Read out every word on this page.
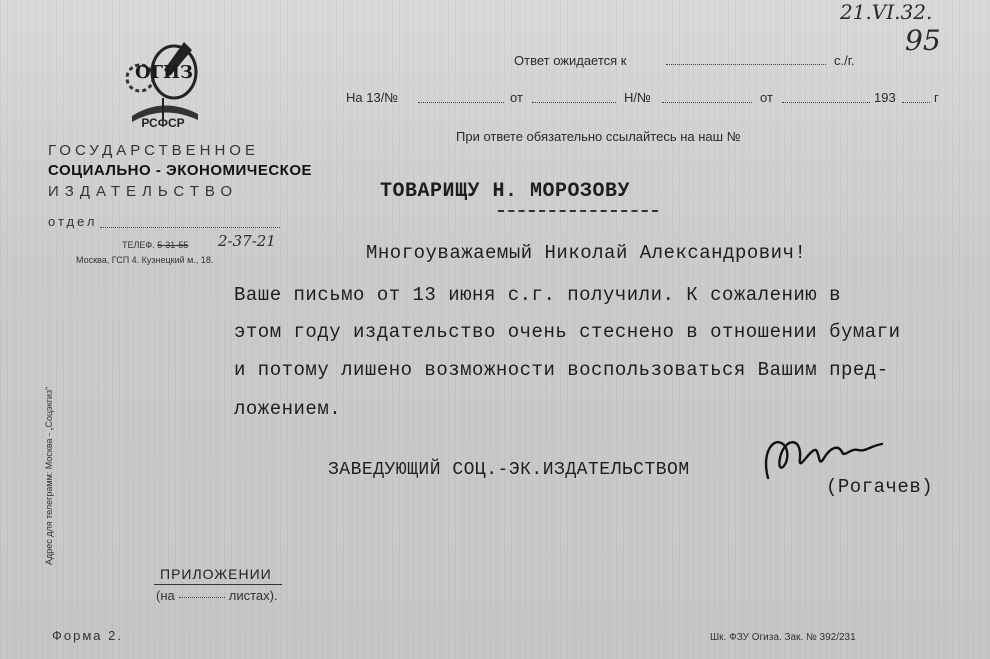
21.VI.32.
95
ОГИЗ
РСФСР
ГОСУДАРСТВЕННОЕ
СОЦИАЛЬНО - ЭКОНОМИЧЕСКОЕ
ИЗДАТЕЛЬСТВО
отдел
ТЕЛЕФ. 5-31-55 2-37-21
Москва, ГСП 4. Кузнецкий м., 18.
Адрес для телеграмм: Москва - „Соцэкгиз"
Ответ ожидается к	с./г.
На 13/№	от	Н/№	от	193	г
При ответе обязательно ссылайтесь на наш №
ТОВАРИЩУ Н. МОРОЗОВУ
Многоуважаемый Николай Александрович!
Ваше письмо от 13 июня с.г. получили. К сожалению в
этом году издательство очень стеснено в отношении бумаги
и потому лишено возможности воспользоваться Вашим пред-
ложением.
ЗАВЕДУЮЩИЙ СОЦ.-ЭК.ИЗДАТЕЛЬСТВОМ
(Рогачев)
ПРИЛОЖЕНИИ
(на	листах).
Форма 2.	Шк. ФЗУ Огиза. Зак. № 392/231
